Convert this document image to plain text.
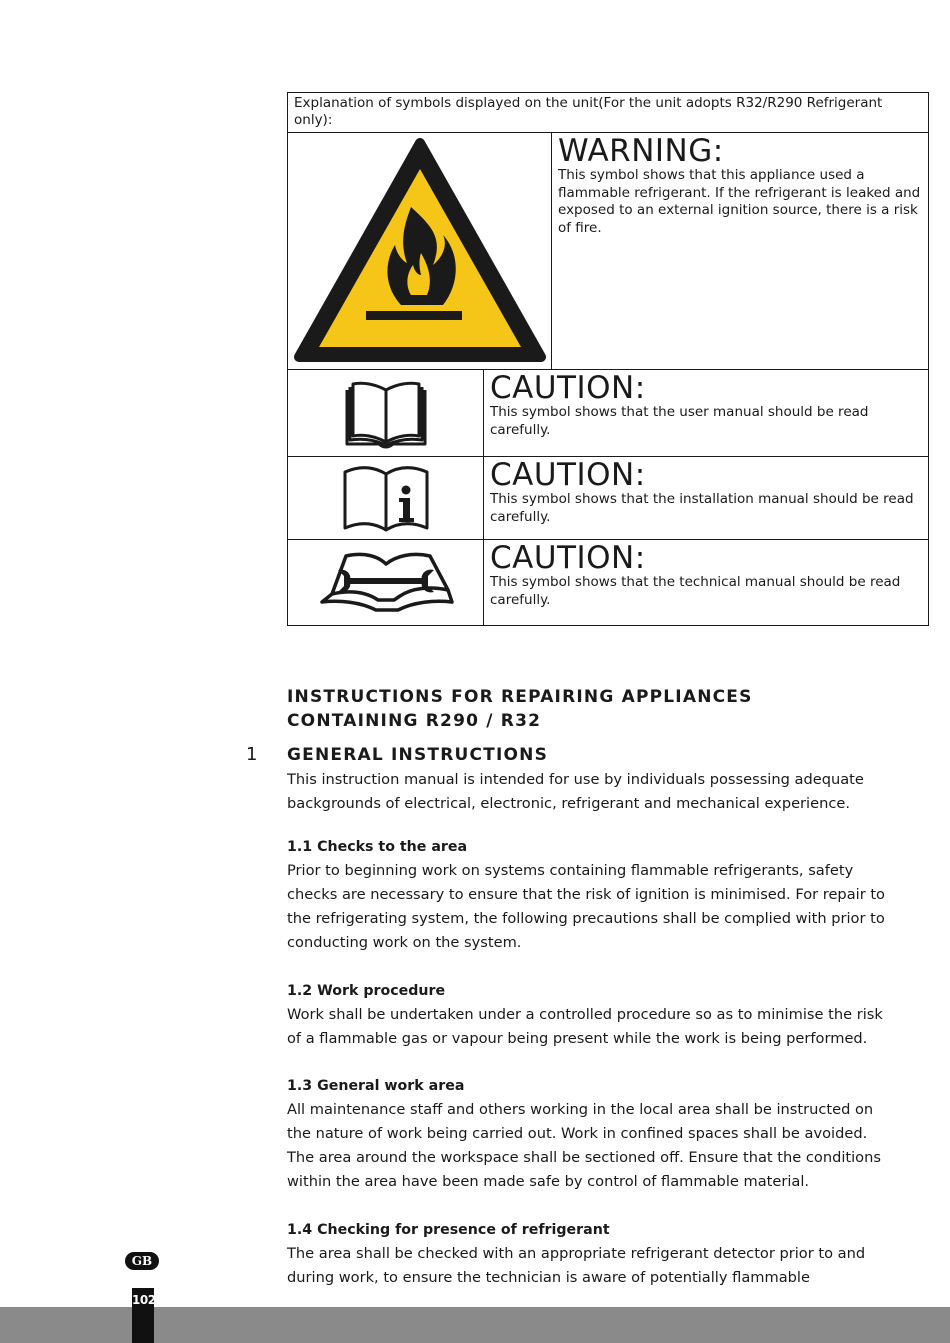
Explanation of symbols displayed on the unit(For the unit adopts R32/R290 Refrigerant only):
WARNING:
This symbol shows that this appliance used a flammable refrigerant. If the refrigerant is leaked and exposed to an external ignition source, there is a risk of fire.
CAUTION:
This symbol shows that the user manual should be read carefully.
CAUTION:
This symbol shows that the installation manual should be read carefully.
CAUTION:
This symbol shows that the technical manual should be read carefully.
INSTRUCTIONS FOR REPAIRING APPLIANCES CONTAINING R290 / R32
1 GENERAL INSTRUCTIONS

This instruction manual is intended for use by individuals possessing adequate backgrounds of electrical, electronic, refrigerant and mechanical experience.

1.1 Checks to the area

Prior to beginning work on systems containing flammable refrigerants, safety checks are necessary to ensure that the risk of ignition is minimised. For repair to the refrigerating system, the following precautions shall be complied with prior to conducting work on the system.

1.2 Work procedure

Work shall be undertaken under a controlled procedure so as to minimise the risk of a flammable gas or vapour being present while the work is being performed.

1.3 General work area

All maintenance staff and others working in the local area shall be instructed on the nature of work being carried out. Work in confined spaces shall be avoided. The area around the workspace shall be sectioned off. Ensure that the conditions within the area have been made safe by control of flammable material.

1.4 Checking for presence of refrigerant

The area shall be checked with an appropriate refrigerant detector prior to and during work, to ensure the technician is aware of potentially flammable

GB
102
